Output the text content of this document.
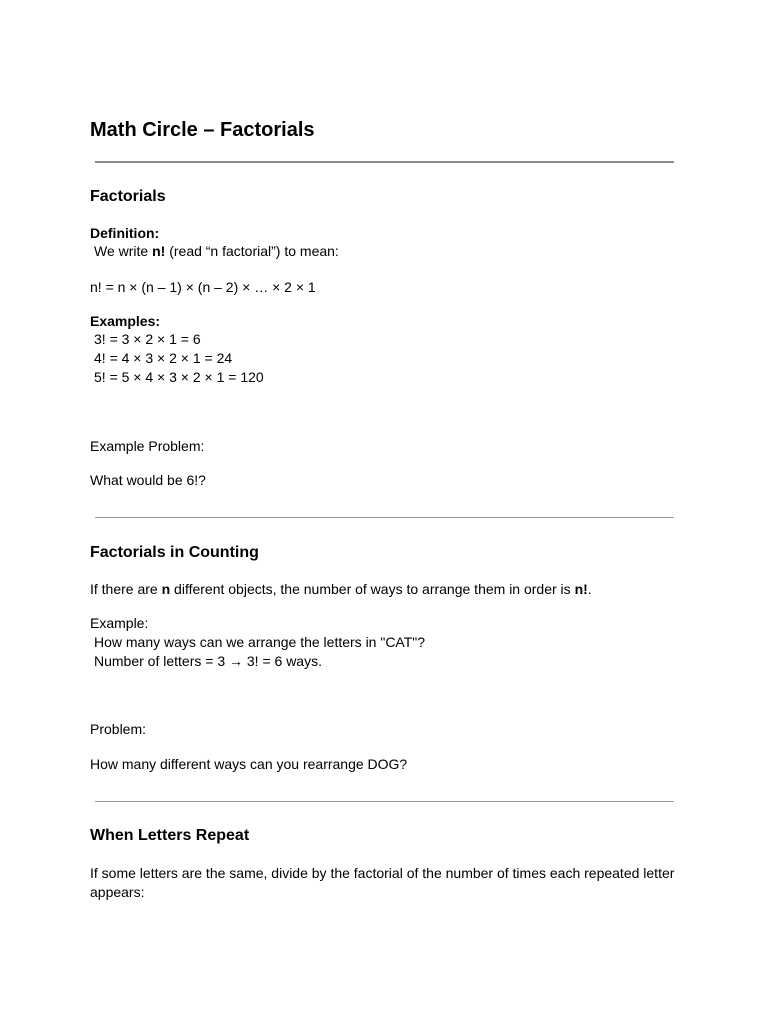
Math Circle – Factorials
Factorials
Definition:
We write n! (read “n factorial”) to mean:
n! = n × (n – 1) × (n – 2) × … × 2 × 1
Examples:
3! = 3 × 2 × 1 = 6
4! = 4 × 3 × 2 × 1 = 24
5! = 5 × 4 × 3 × 2 × 1 = 120
Example Problem:
What would be 6!?
Factorials in Counting
If there are n different objects, the number of ways to arrange them in order is n!.
Example:
How many ways can we arrange the letters in "CAT"?
Number of letters = 3 → 3! = 6 ways.
Problem:
How many different ways can you rearrange DOG?
When Letters Repeat
If some letters are the same, divide by the factorial of the number of times each repeated letter appears:
